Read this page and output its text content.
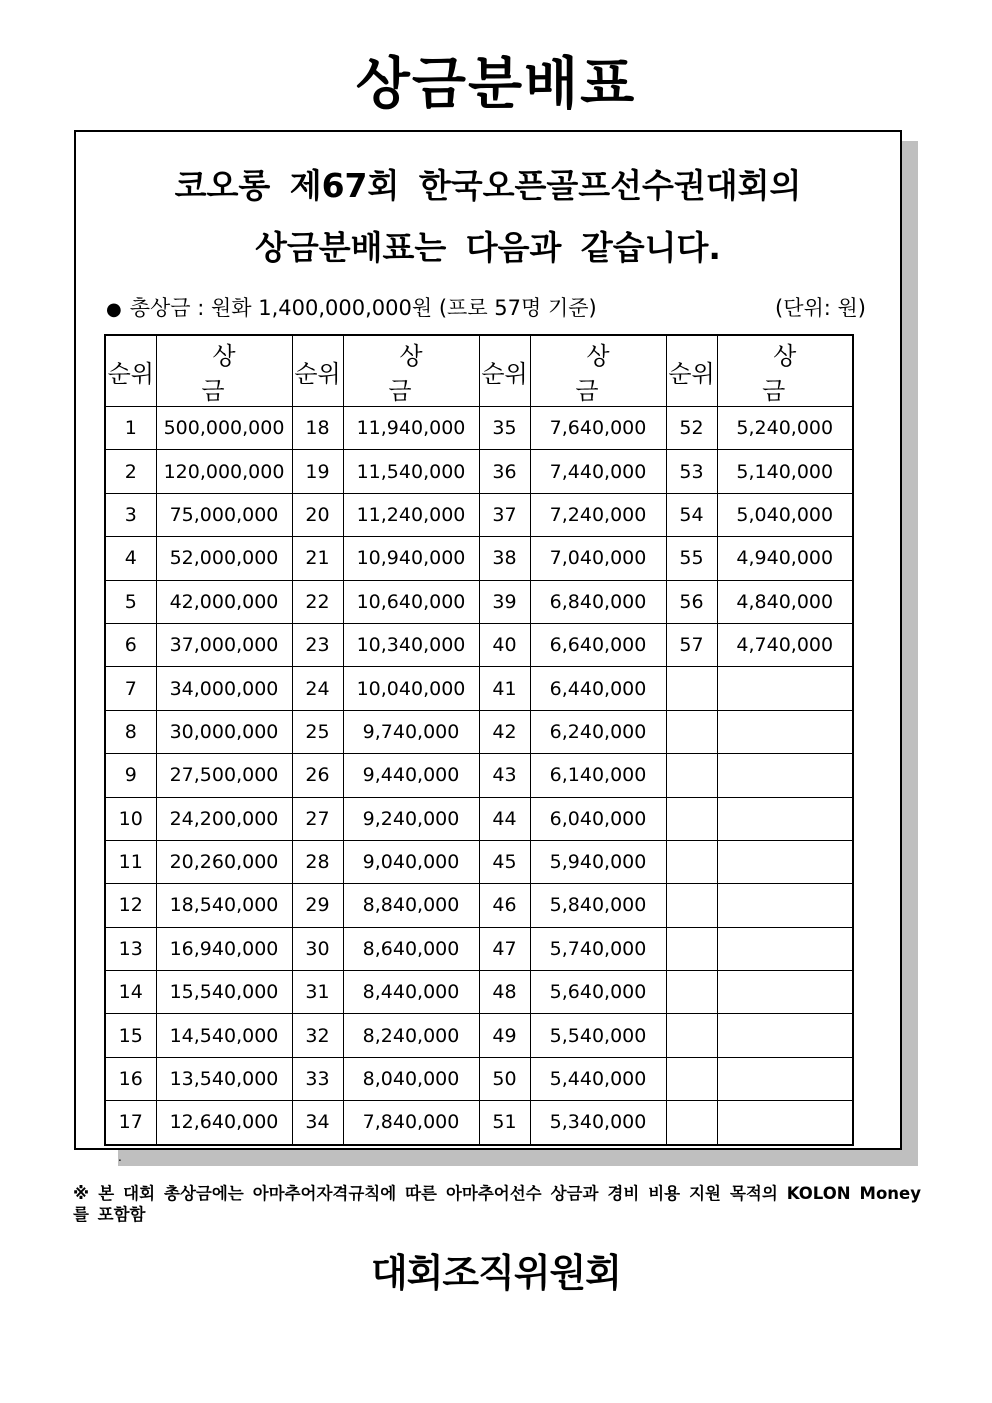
상금분배표
코오롱 제67회 한국오픈골프선수권대회의
상금분배표는 다음과 같습니다.
● 총상금 : 원화 1,400,000,000원 (프로 57명 기준)	(단위: 원)
순위	상 금	순위	상 금	순위	상 금	순위	상 금
1	500,000,000	18	11,940,000	35	7,640,000	52	5,240,000
2	120,000,000	19	11,540,000	36	7,440,000	53	5,140,000
3	75,000,000	20	11,240,000	37	7,240,000	54	5,040,000
4	52,000,000	21	10,940,000	38	7,040,000	55	4,940,000
5	42,000,000	22	10,640,000	39	6,840,000	56	4,840,000
6	37,000,000	23	10,340,000	40	6,640,000	57	4,740,000
7	34,000,000	24	10,040,000	41	6,440,000		
8	30,000,000	25	9,740,000	42	6,240,000		
9	27,500,000	26	9,440,000	43	6,140,000		
10	24,200,000	27	9,240,000	44	6,040,000		
11	20,260,000	28	9,040,000	45	5,940,000		
12	18,540,000	29	8,840,000	46	5,840,000		
13	16,940,000	30	8,640,000	47	5,740,000		
14	15,540,000	31	8,440,000	48	5,640,000		
15	14,540,000	32	8,240,000	49	5,540,000		
16	13,540,000	33	8,040,000	50	5,440,000		
17	12,640,000	34	7,840,000	51	5,340,000		
.
※ 본 대회 총상금에는 아마추어자격규칙에 따른 아마추어선수 상금과 경비 비용 지원 목적의 KOLON Money를 포함함
대회조직위원회
